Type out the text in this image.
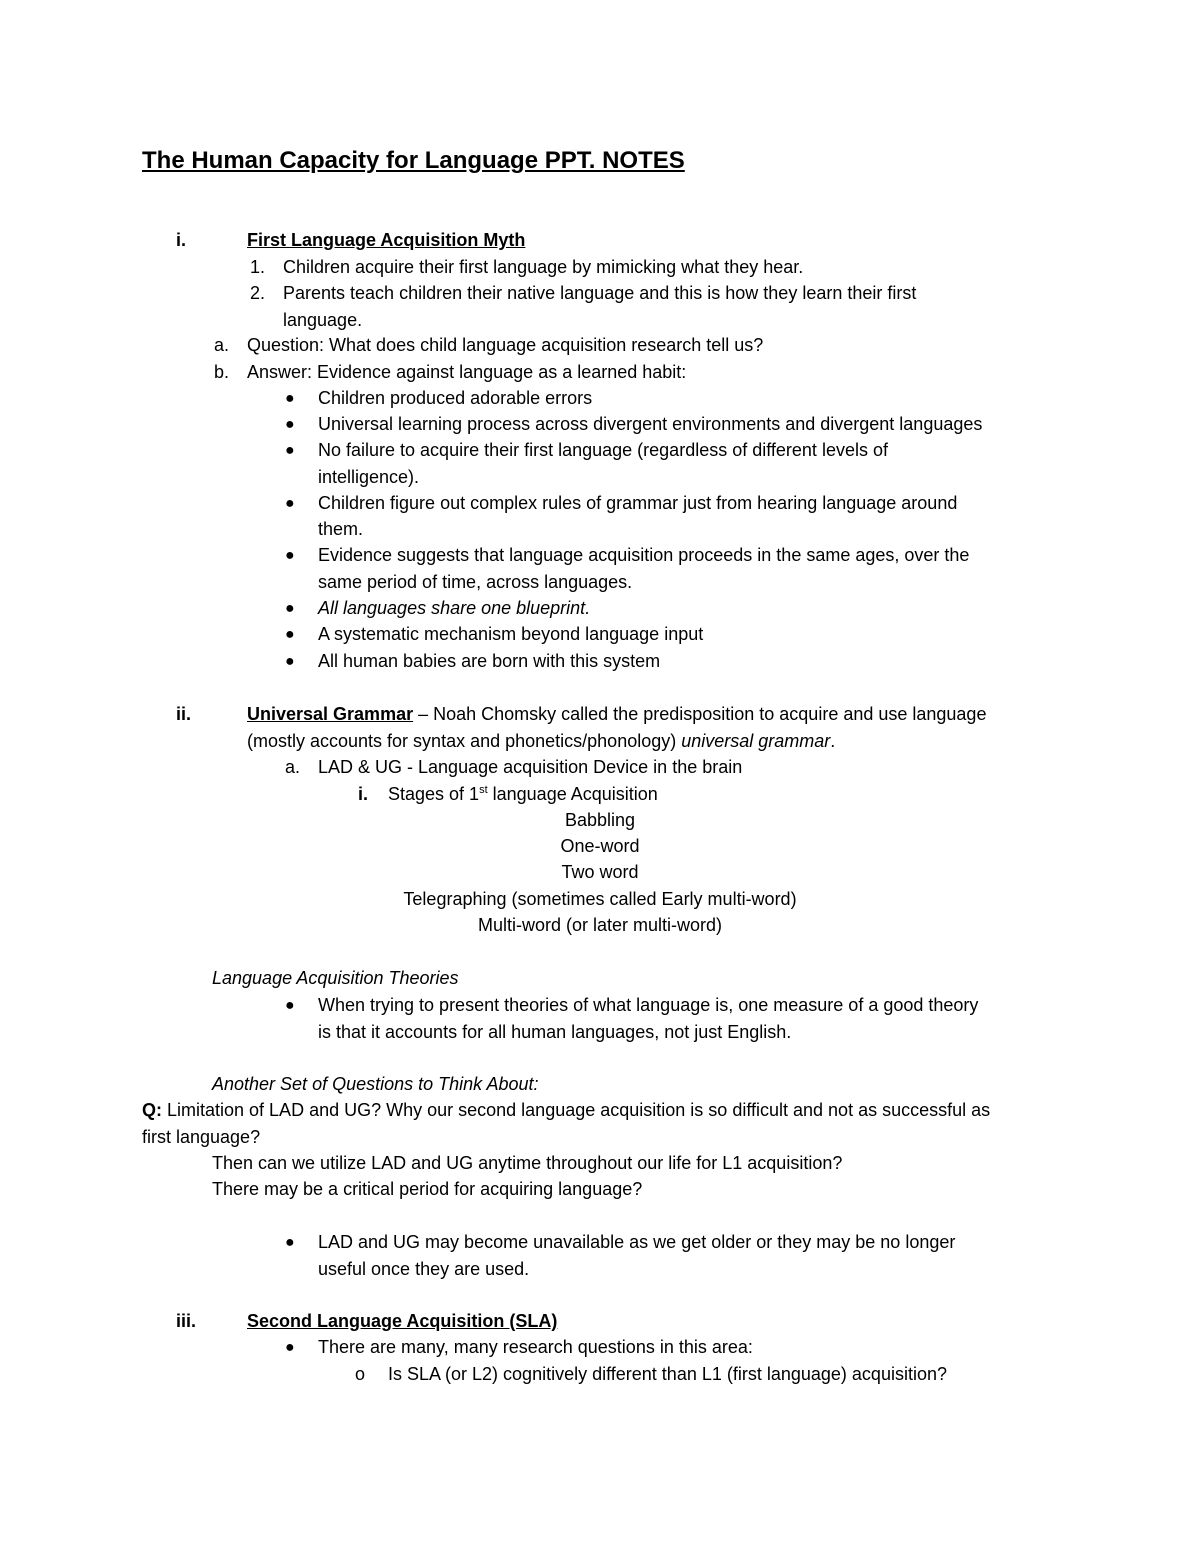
The Human Capacity for Language PPT. NOTES
i.	First Language Acquisition Myth
1. Children acquire their first language by mimicking what they hear.
2. Parents teach children their native language and this is how they learn their first
language.
a. Question: What does child language acquisition research tell us?
b. Answer: Evidence against language as a learned habit:
● Children produced adorable errors
● Universal learning process across divergent environments and divergent languages
● No failure to acquire their first language (regardless of different levels of
intelligence).
● Children figure out complex rules of grammar just from hearing language around
them.
● Evidence suggests that language acquisition proceeds in the same ages, over the
same period of time, across languages.
● All languages share one blueprint.
● A systematic mechanism beyond language input
● All human babies are born with this system
ii.	Universal Grammar – Noah Chomsky called the predisposition to acquire and use language
(mostly accounts for syntax and phonetics/phonology) universal grammar.
a. LAD & UG - Language acquisition Device in the brain
i. Stages of 1st language Acquisition
Babbling
One-word
Two word
Telegraphing (sometimes called Early multi-word)
Multi-word (or later multi-word)
Language Acquisition Theories
● When trying to present theories of what language is, one measure of a good theory
is that it accounts for all human languages, not just English.
Another Set of Questions to Think About:
Q: Limitation of LAD and UG? Why our second language acquisition is so difficult and not as successful as
first language?
Then can we utilize LAD and UG anytime throughout our life for L1 acquisition?
There may be a critical period for acquiring language?
● LAD and UG may become unavailable as we get older or they may be no longer
useful once they are used.
iii.	Second Language Acquisition (SLA)
● There are many, many research questions in this area:
o Is SLA (or L2) cognitively different than L1 (first language) acquisition?
